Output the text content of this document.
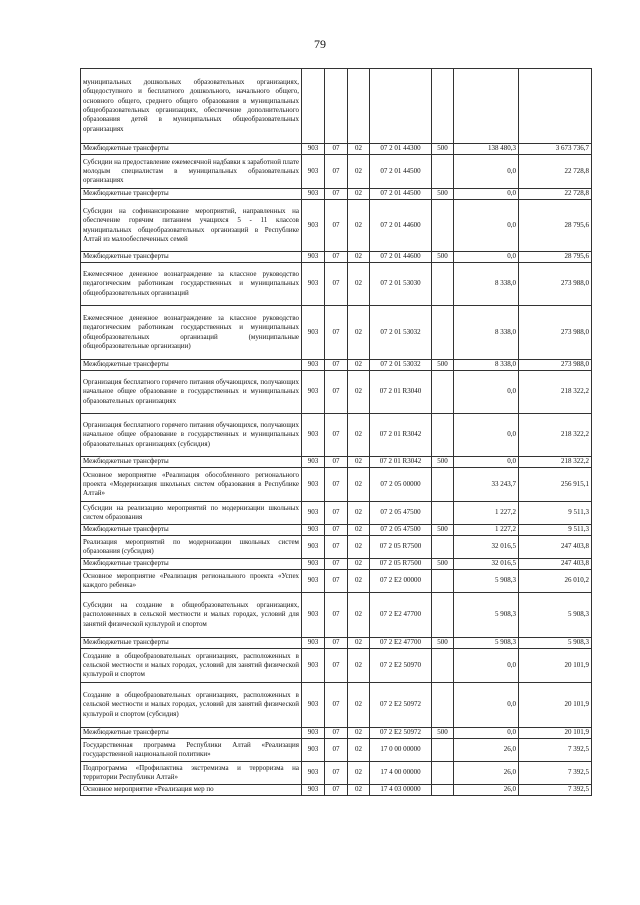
79
муниципальных дошкольных образовательных организациях, общедоступного и бесплатного дошкольного, начального общего, основного общего, среднего общего образования в муниципальных общеобразовательных организациях, обеспечение дополнительного образования детей в муниципальных общеобразовательных организациях							
Межбюджетные трансферты	903	07	02	07 2 01 44300	500	138 480,3	3 673 736,7
Субсидии на предоставление ежемесячной надбавки к заработной плате молодым специалистам в муниципальных образовательных организациях	903	07	02	07 2 01 44500		0,0	22 728,8
Межбюджетные трансферты	903	07	02	07 2 01 44500	500	0,0	22 728,8
Субсидии на софинансирование мероприятий, направленных на обеспечение горячим питанием учащихся 5 - 11 классов муниципальных общеобразовательных организаций в Республике Алтай из малообеспеченных семей	903	07	02	07 2 01 44600		0,0	28 795,6
Межбюджетные трансферты	903	07	02	07 2 01 44600	500	0,0	28 795,6
Ежемесячное денежное вознаграждение за классное руководство педагогическим работникам государственных и муниципальных общеобразовательных организаций	903	07	02	07 2 01 53030		8 338,0	273 988,0
Ежемесячное денежное вознаграждение за классное руководство педагогическим работникам государственных и муниципальных общеобразовательных организаций (муниципальные общеобразовательные организации)	903	07	02	07 2 01 53032		8 338,0	273 988,0
Межбюджетные трансферты	903	07	02	07 2 01 53032	500	8 338,0	273 988,0
Организация бесплатного горячего питания обучающихся, получающих начальное общее образование в государственных и муниципальных образовательных организациях	903	07	02	07 2 01 R3040		0,0	218 322,2
Организация бесплатного горячего питания обучающихся, получающих начальное общее образование в государственных и муниципальных образовательных организациях (субсидия)	903	07	02	07 2 01 R3042		0,0	218 322,2
Межбюджетные трансферты	903	07	02	07 2 01 R3042	500	0,0	218 322,2
Основное мероприятие «Реализация обособленного регионального проекта «Модернизация школьных систем образования в Республике Алтай»	903	07	02	07 2 05 00000		33 243,7	256 915,1
Субсидии на реализацию мероприятий по модернизации школьных систем образования	903	07	02	07 2 05 47500		1 227,2	9 511,3
Межбюджетные трансферты	903	07	02	07 2 05 47500	500	1 227,2	9 511,3
Реализация мероприятий по модернизации школьных систем образования (субсидия)	903	07	02	07 2 05 R7500		32 016,5	247 403,8
Межбюджетные трансферты	903	07	02	07 2 05 R7500	500	32 016,5	247 403,8
Основное мероприятие «Реализация регионального проекта «Успех каждого ребенка»	903	07	02	07 2 E2 00000		5 908,3	26 010,2
Субсидии на создание в общеобразовательных организациях, расположенных в сельской местности и малых городах, условий для занятий физической культурой и спортом	903	07	02	07 2 E2 47700		5 908,3	5 908,3
Межбюджетные трансферты	903	07	02	07 2 E2 47700	500	5 908,3	5 908,3
Создание в общеобразовательных организациях, расположенных в сельской местности и малых городах, условий для занятий физической культурой и спортом	903	07	02	07 2 E2 50970		0,0	20 101,9
Создание в общеобразовательных организациях, расположенных в сельской местности и малых городах, условий для занятий физической культурой и спортом (субсидия)	903	07	02	07 2 E2 50972		0,0	20 101,9
Межбюджетные трансферты	903	07	02	07 2 E2 50972	500	0,0	20 101,9
Государственная программа Республики Алтай «Реализация государственной национальной политики»	903	07	02	17 0 00 00000		26,0	7 392,5
Подпрограмма «Профилактика экстремизма и терроризма на территории Республики Алтай»	903	07	02	17 4 00 00000		26,0	7 392,5
Основное мероприятие «Реализация мер по	903	07	02	17 4 03 00000		26,0	7 392,5
